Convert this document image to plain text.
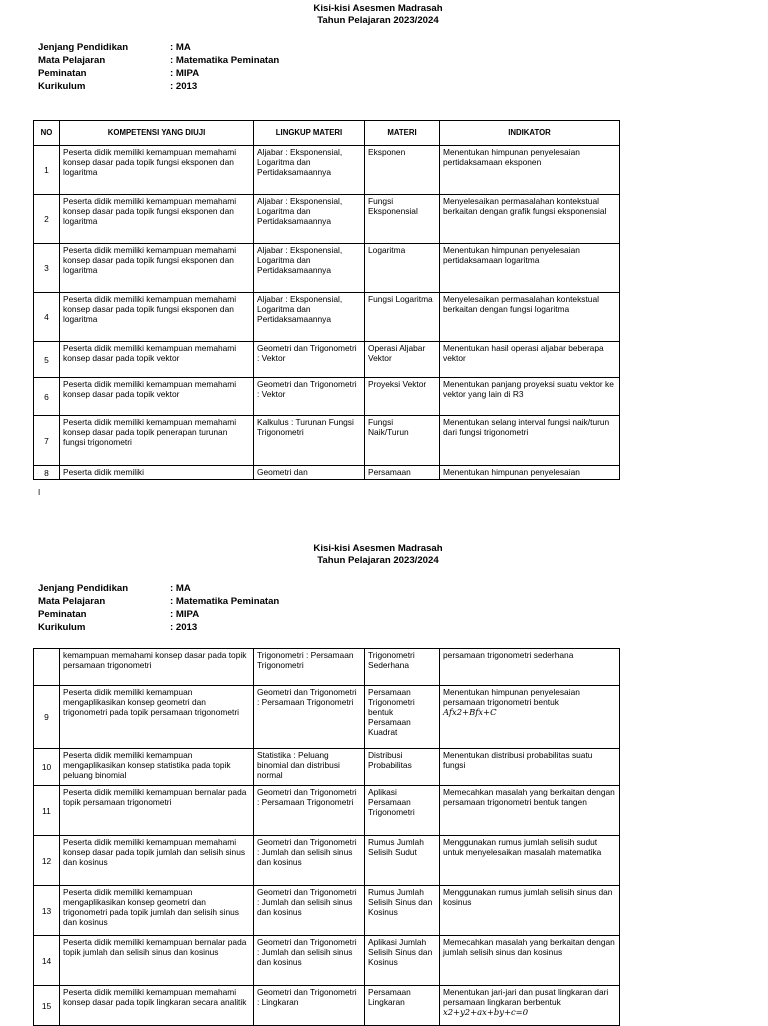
Kisi-kisi Asesmen Madrasah
Tahun Pelajaran 2023/2024
Jenjang Pendidikan	: MA
Mata Pelajaran	: Matematika Peminatan
Peminatan	: MIPA
Kurikulum	: 2013
NO	KOMPETENSI YANG DIUJI	LINGKUP MATERI	MATERI	INDIKATOR
1	Peserta didik memiliki kemampuan memahami konsep dasar pada topik fungsi eksponen dan logaritma	Aljabar : Eksponensial, Logaritma dan Pertidaksamaannya	Eksponen	Menentukan himpunan penyelesaian pertidaksamaan eksponen
2	Peserta didik memiliki kemampuan memahami konsep dasar pada topik fungsi eksponen dan logaritma	Aljabar : Eksponensial, Logaritma dan Pertidaksamaannya	Fungsi Eksponensial	Menyelesaikan permasalahan kontekstual berkaitan dengan grafik fungsi eksponensial
3	Peserta didik memiliki kemampuan memahami konsep dasar pada topik fungsi eksponen dan logaritma	Aljabar : Eksponensial, Logaritma dan Pertidaksamaannya	Logaritma	Menentukan himpunan penyelesaian pertidaksamaan logaritma
4	Peserta didik memiliki kemampuan memahami konsep dasar pada topik fungsi eksponen dan logaritma	Aljabar : Eksponensial, Logaritma dan Pertidaksamaannya	Fungsi Logaritma	Menyelesaikan permasalahan kontekstual berkaitan dengan fungsi logaritma
5	Peserta didik memiliki kemampuan memahami konsep dasar pada topik vektor	Geometri dan Trigonometri : Vektor	Operasi Aljabar Vektor	Menentukan hasil operasi aljabar beberapa vektor
6	Peserta didik memiliki kemampuan memahami konsep dasar pada topik vektor	Geometri dan Trigonometri : Vektor	Proyeksi Vektor	Menentukan panjang proyeksi suatu vektor ke vektor yang lain di R3
7	Peserta didik memiliki kemampuan memahami konsep dasar pada topik penerapan turunan fungsi trigonometri	Kalkulus : Turunan Fungsi Trigonometri	Fungsi Naik/Turun	Menentukan selang interval fungsi naik/turun dari fungsi trigonometri
8	Peserta didik memiliki	Geometri dan	Persamaan	Menentukan himpunan penyelesaian
I
Kisi-kisi Asesmen Madrasah
Tahun Pelajaran 2023/2024
Jenjang Pendidikan	: MA
Mata Pelajaran	: Matematika Peminatan
Peminatan	: MIPA
Kurikulum	: 2013
	kemampuan memahami konsep dasar pada topik persamaan trigonometri	Trigonometri : Persamaan Trigonometri	Trigonometri Sederhana	persamaan trigonometri sederhana
9	Peserta didik memiliki kemampuan mengaplikasikan konsep geometri dan trigonometri pada topik persamaan trigonometri	Geometri dan Trigonometri : Persamaan Trigonometri	Persamaan Trigonometri bentuk Persamaan Kuadrat	Menentukan himpunan penyelesaian persamaan trigonometri bentuk
Afx2+Bfx+C
10	Peserta didik memiliki kemampuan mengaplikasikan konsep statistika pada topik peluang binomial	Statistika : Peluang binomial dan distribusi normal	Distribusi Probabilitas	Menentukan distribusi probabilitas suatu fungsi
11	Peserta didik memiliki kemampuan bernalar pada topik persamaan trigonometri	Geometri dan Trigonometri : Persamaan Trigonometri	Aplikasi Persamaan Trigonometri	Memecahkan masalah yang berkaitan dengan persamaan trigonometri bentuk tangen
12	Peserta didik memiliki kemampuan memahami konsep dasar pada topik jumlah dan selisih sinus dan kosinus	Geometri dan Trigonometri : Jumlah dan selisih sinus dan kosinus	Rumus Jumlah Selisih Sudut	Menggunakan rumus jumlah selisih sudut untuk menyelesaikan masalah matematika
13	Peserta didik memiliki kemampuan mengaplikasikan konsep geometri dan trigonometri pada topik jumlah dan selisih sinus dan kosinus	Geometri dan Trigonometri : Jumlah dan selisih sinus dan kosinus	Rumus Jumlah Selisih Sinus dan Kosinus	Menggunakan rumus jumlah selisih sinus dan kosinus
14	Peserta didik memiliki kemampuan bernalar pada topik jumlah dan selisih sinus dan kosinus	Geometri dan Trigonometri : Jumlah dan selisih sinus dan kosinus	Aplikasi Jumlah Selisih Sinus dan Kosinus	Memecahkan masalah yang berkaitan dengan jumlah selisih sinus dan kosinus
15	Peserta didik memiliki kemampuan memahami konsep dasar pada topik lingkaran secara analitik	Geometri dan Trigonometri : Lingkaran	Persamaan Lingkaran	Menentukan jari-jari dan pusat lingkaran dari persamaan lingkaran berbentuk
x2+y2+ax+by+c=0
